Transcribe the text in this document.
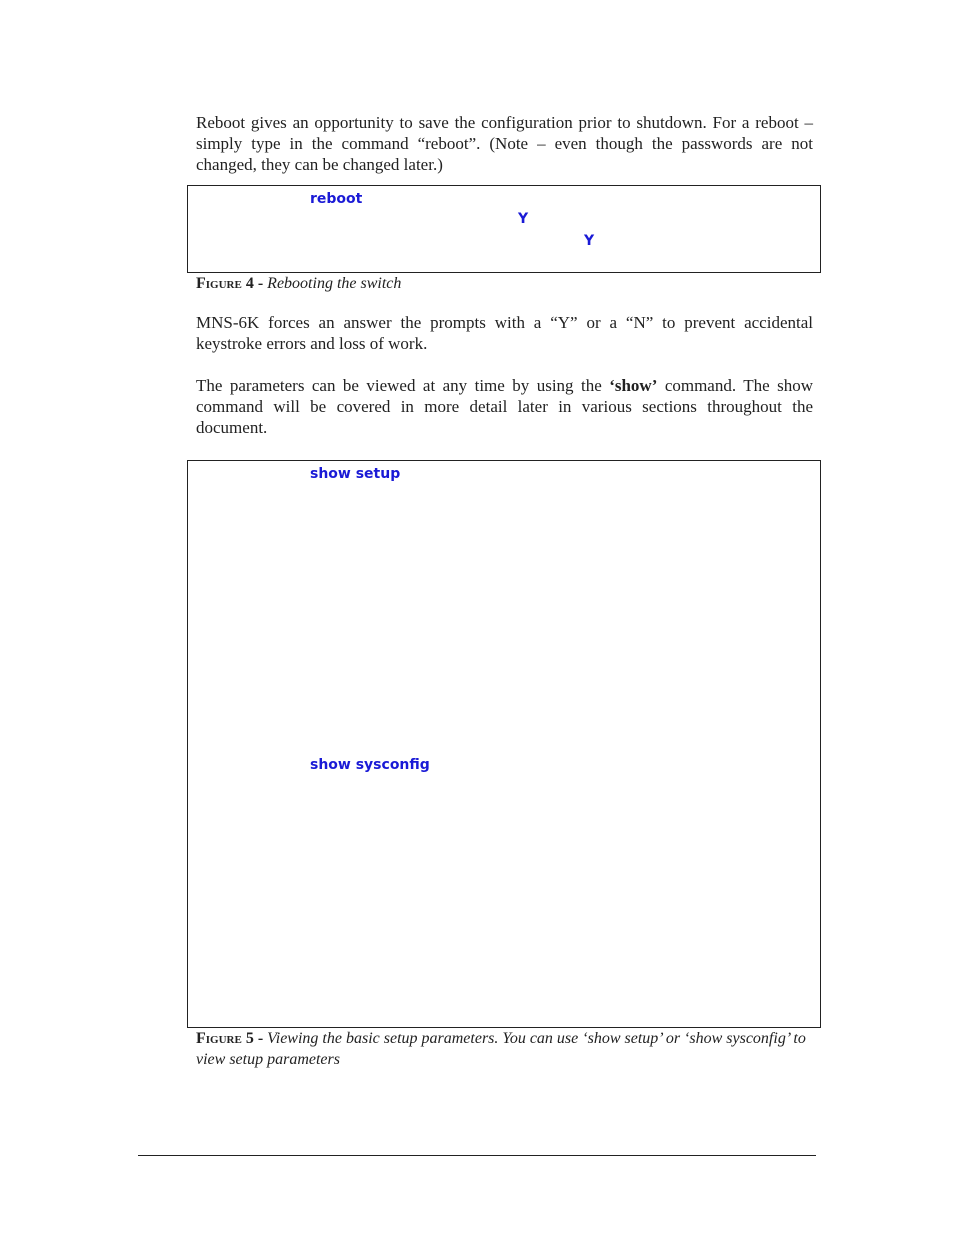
Reboot gives an opportunity to save the configuration prior to shutdown. For a reboot – simply type in the command “reboot”. (Note – even though the passwords are not changed, they can be changed later.)

reboot
Y
Y

Figure 4 - Rebooting the switch

MNS-6K forces an answer the prompts with a “Y” or a “N” to prevent accidental keystroke errors and loss of work.

The parameters can be viewed at any time by using the ‘show’ command. The show command will be covered in more detail later in various sections throughout the document.

show setup
show sysconfig

Figure 5 - Viewing the basic setup parameters. You can use ‘show setup’ or ‘show sysconfig’ to view setup parameters
